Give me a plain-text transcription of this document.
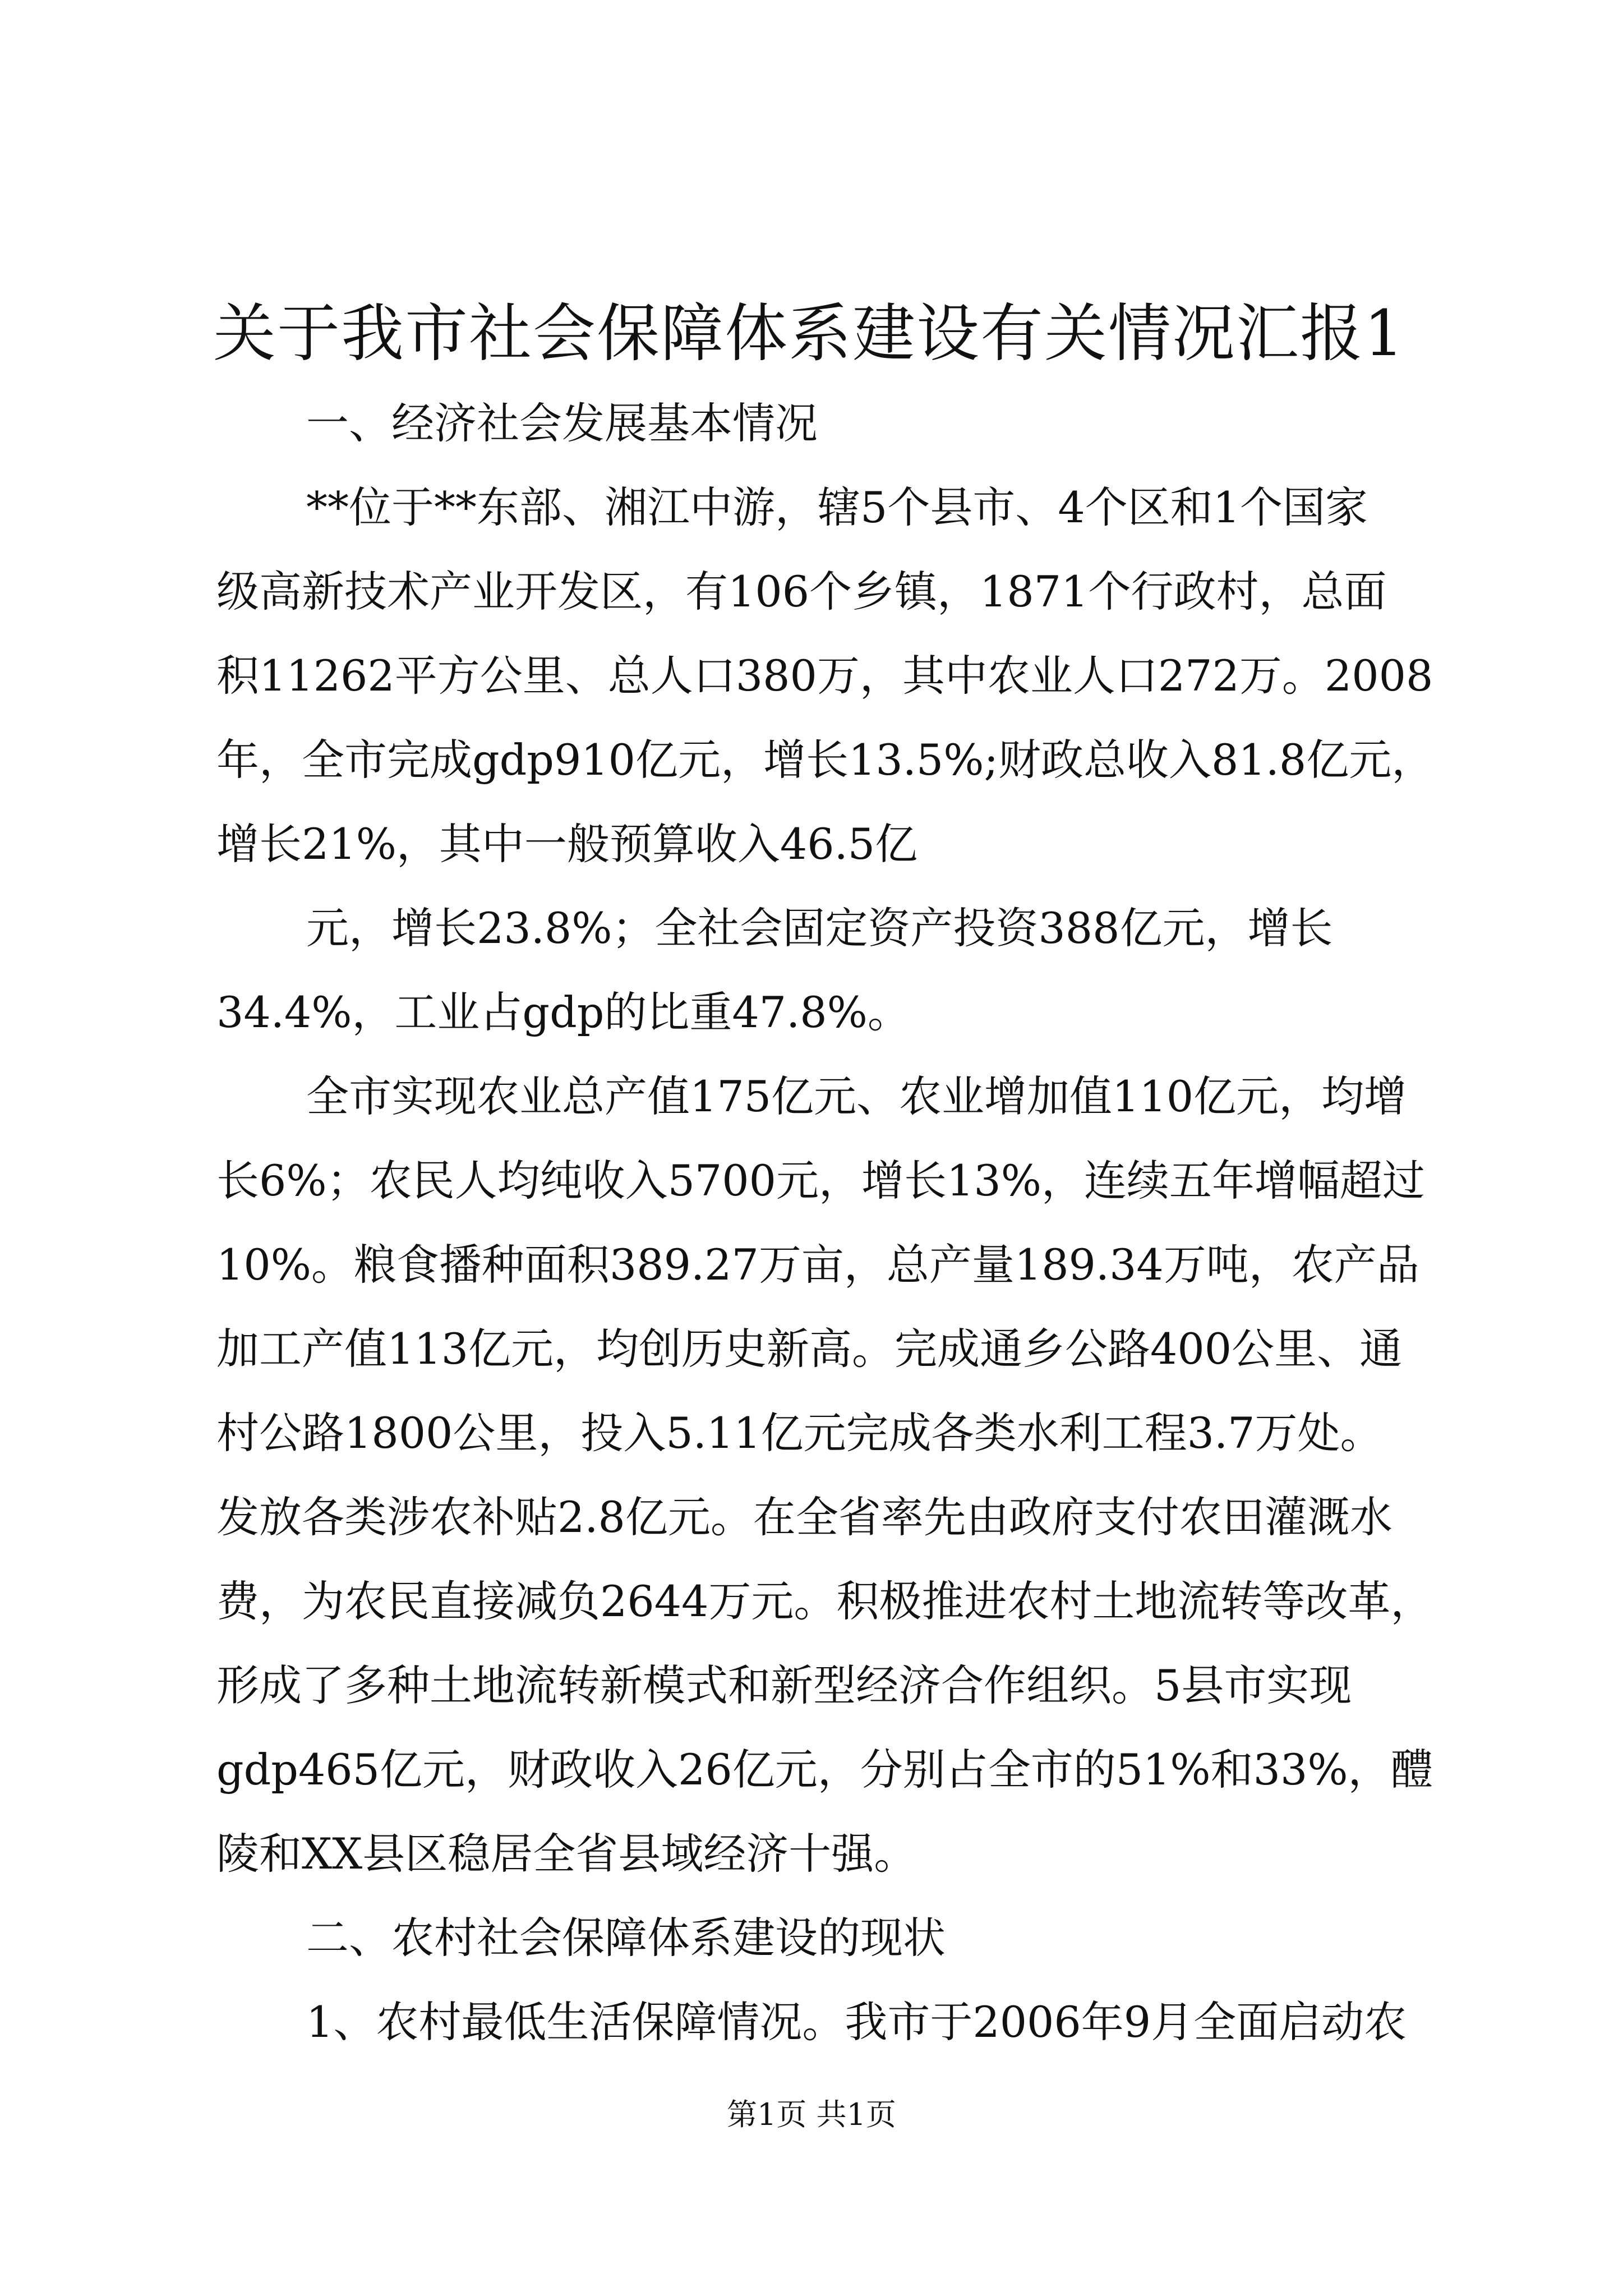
关于我市社会保障体系建设有关情况汇报1
一、经济社会发展基本情况
**位于**东部、湘江中游，辖5个县市、4个区和1个国家
级高新技术产业开发区，有106个乡镇，1871个行政村，总面
积11262平方公里、总人口380万，其中农业人口272万。2008
年，全市完成gdp910亿元，增长13.5%;财政总收入81.8亿元，
增长21%，其中一般预算收入46.5亿
元，增长23.8%；全社会固定资产投资388亿元，增长
34.4%，工业占gdp的比重47.8%。
全市实现农业总产值175亿元、农业增加值110亿元，均增
长6%；农民人均纯收入5700元，增长13%，连续五年增幅超过
10%。粮食播种面积389.27万亩，总产量189.34万吨，农产品
加工产值113亿元，均创历史新高。完成通乡公路400公里、通
村公路1800公里，投入5.11亿元完成各类水利工程3.7万处。
发放各类涉农补贴2.8亿元。在全省率先由政府支付农田灌溉水
费，为农民直接减负2644万元。积极推进农村土地流转等改革，
形成了多种土地流转新模式和新型经济合作组织。5县市实现
gdp465亿元，财政收入26亿元，分别占全市的51%和33%，醴
陵和XX县区稳居全省县域经济十强。
二、农村社会保障体系建设的现状
1、农村最低生活保障情况。我市于2006年9月全面启动农
第1页 共1页
